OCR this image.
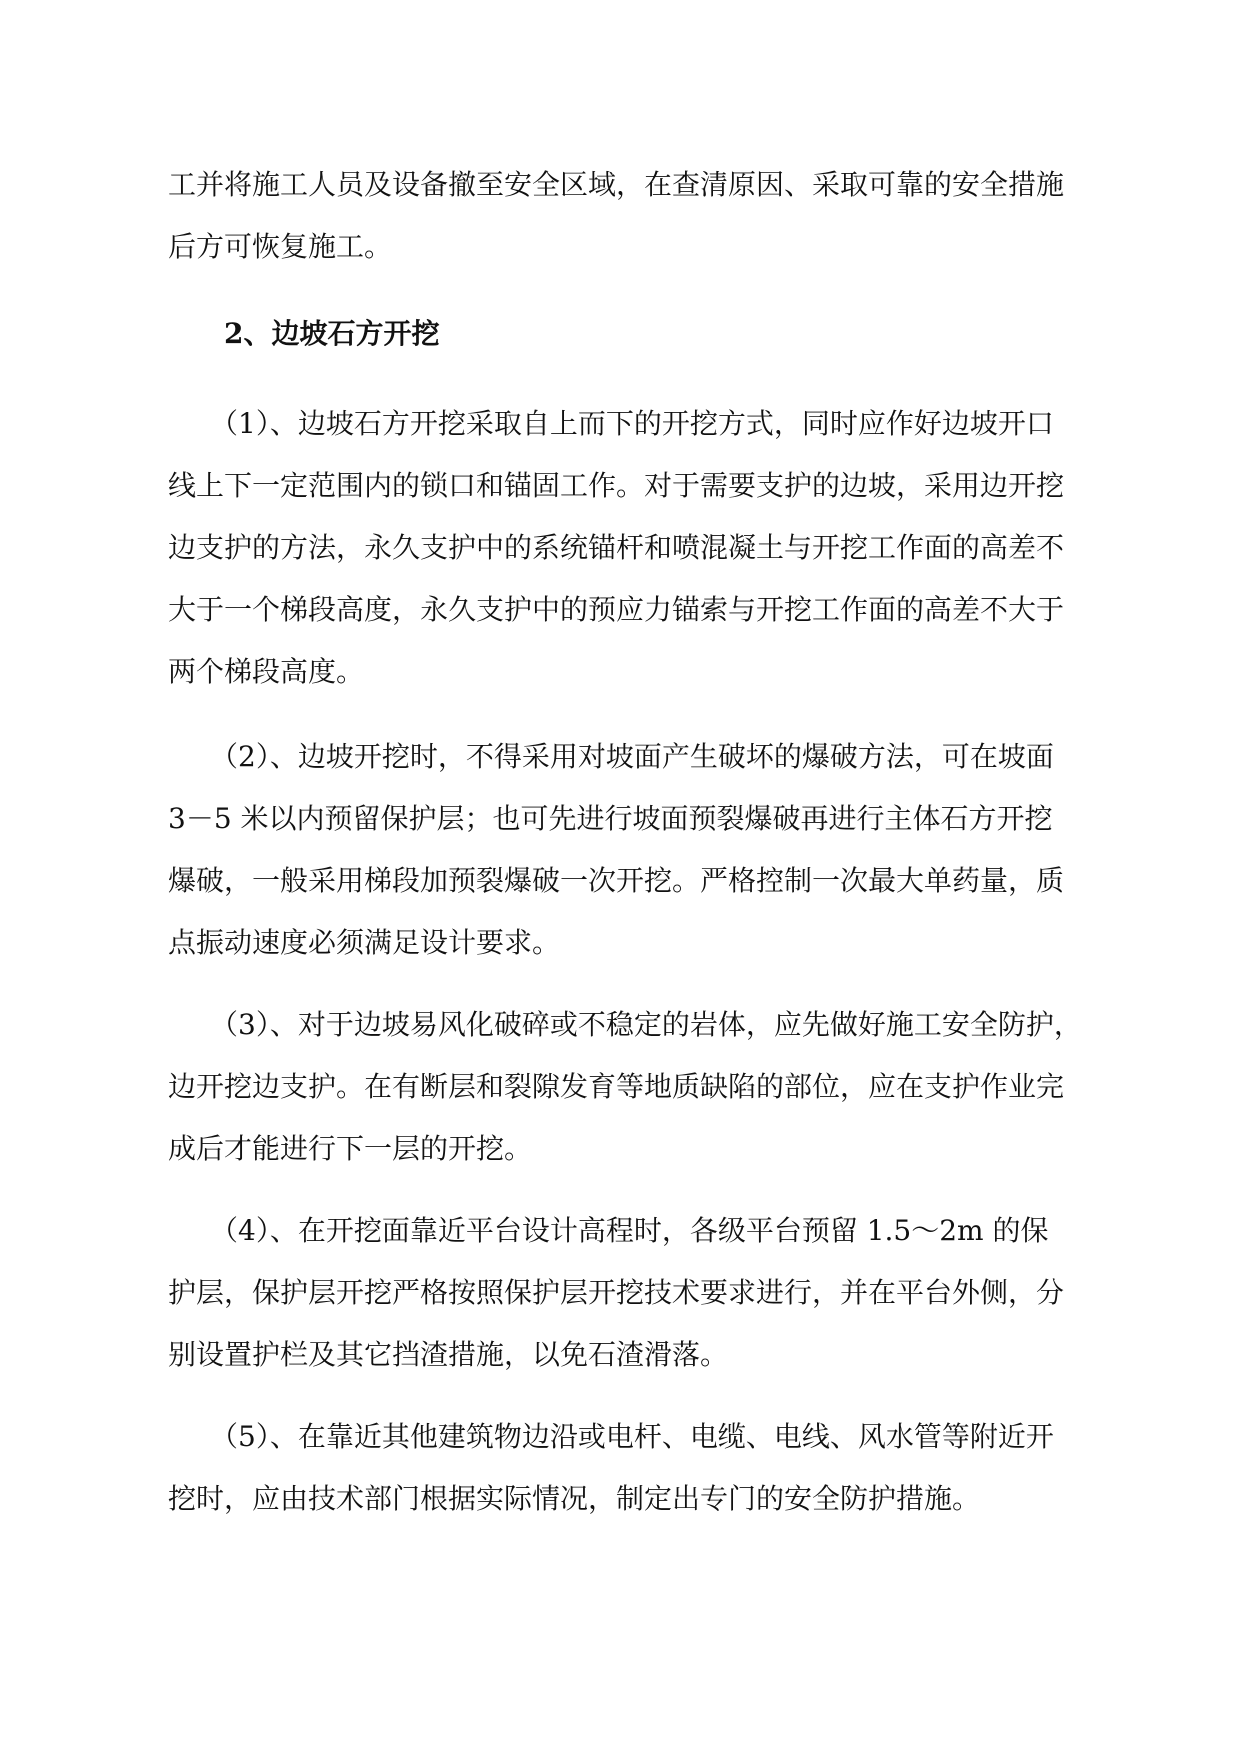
工并将施工人员及设备撤至安全区域，在查清原因、采取可靠的安全措施
后方可恢复施工。

2、边坡石方开挖

　　（1）、边坡石方开挖采取自上而下的开挖方式，同时应作好边坡开口
线上下一定范围内的锁口和锚固工作。对于需要支护的边坡，采用边开挖
边支护的方法，永久支护中的系统锚杆和喷混凝土与开挖工作面的高差不
大于一个梯段高度，永久支护中的预应力锚索与开挖工作面的高差不大于
两个梯段高度。

　　（2）、边坡开挖时，不得采用对坡面产生破坏的爆破方法，可在坡面
3－5 米以内预留保护层；也可先进行坡面预裂爆破再进行主体石方开挖
爆破，一般采用梯段加预裂爆破一次开挖。严格控制一次最大单药量，质
点振动速度必须满足设计要求。

　　（3）、对于边坡易风化破碎或不稳定的岩体，应先做好施工安全防护，
边开挖边支护。在有断层和裂隙发育等地质缺陷的部位，应在支护作业完
成后才能进行下一层的开挖。

　　（4）、在开挖面靠近平台设计高程时，各级平台预留 1.5～2m 的保
护层，保护层开挖严格按照保护层开挖技术要求进行，并在平台外侧，分
别设置护栏及其它挡渣措施，以免石渣滑落。

　　（5）、在靠近其他建筑物边沿或电杆、电缆、电线、风水管等附近开
挖时，应由技术部门根据实际情况，制定出专门的安全防护措施。
